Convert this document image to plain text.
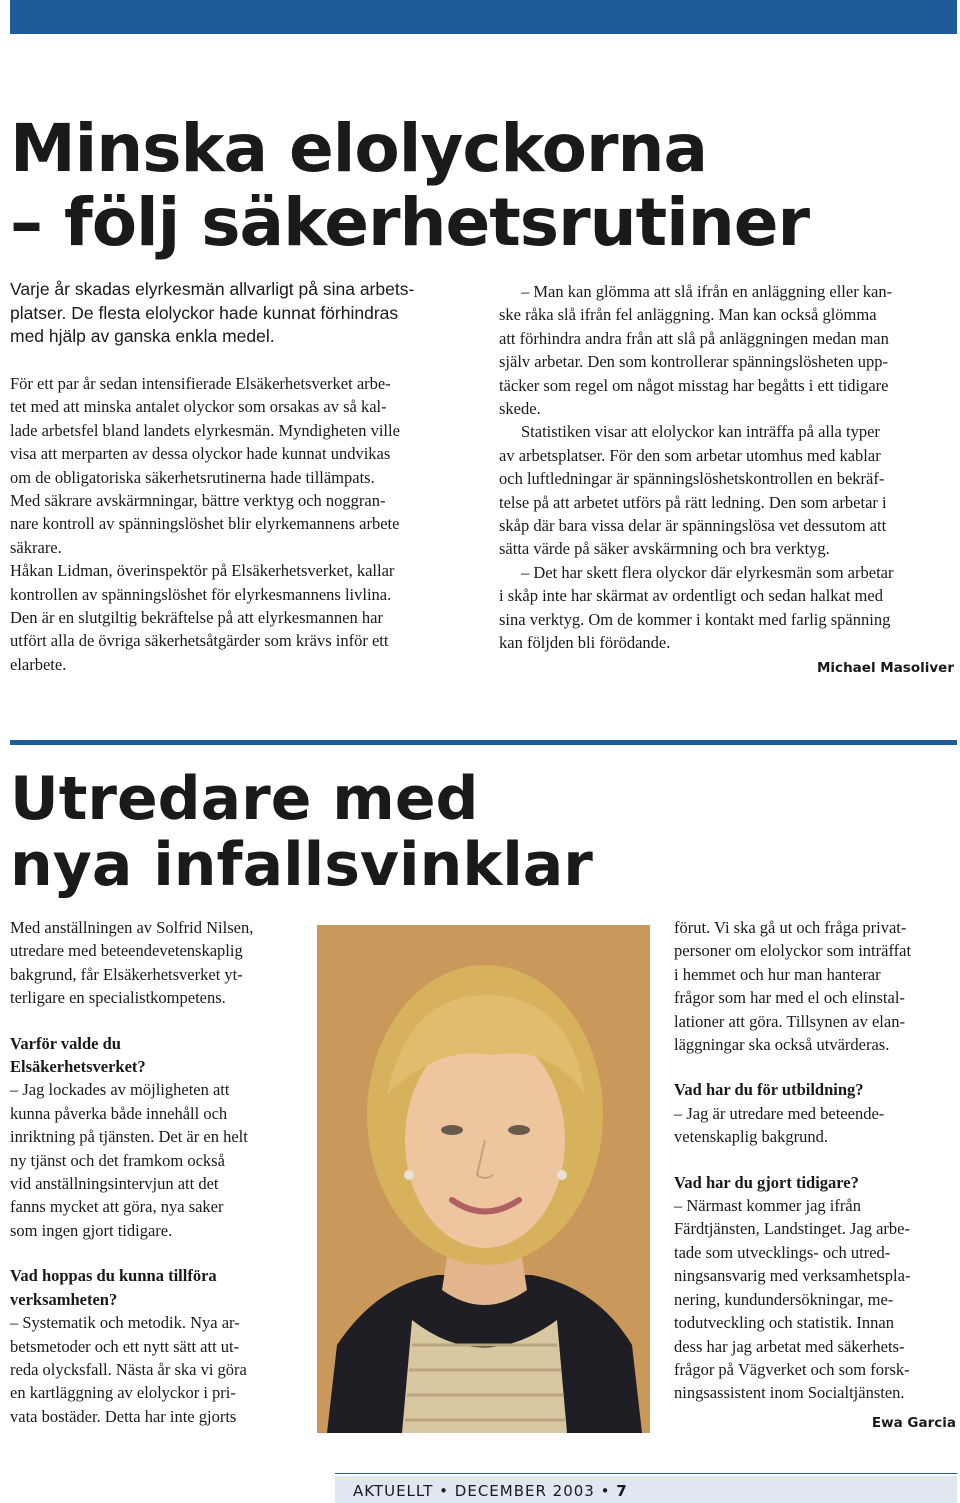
Minska elolyckorna
– följ säkerhetsrutiner
Varje år skadas elyrkesmän allvarligt på sina arbets-
platser. De flesta elolyckor hade kunnat förhindras
med hjälp av ganska enkla medel.
För ett par år sedan intensifierade Elsäkerhetsverket arbe-
tet med att minska antalet olyckor som orsakas av så kal-
lade arbetsfel bland landets elyrkesmän. Myndigheten ville
visa att merparten av dessa olyckor hade kunnat undvikas
om de obligatoriska säkerhetsrutinerna hade tillämpats.
Med säkrare avskärmningar, bättre verktyg och noggran-
nare kontroll av spänningslöshet blir elyrkemannens arbete
säkrare.
Håkan Lidman, överinspektör på Elsäkerhetsverket, kallar
kontrollen av spänningslöshet för elyrkesmannens livlina.
Den är en slutgiltig bekräftelse på att elyrkesmannen har
utfört alla de övriga säkerhetsåtgärder som krävs inför ett
elarbete.
– Man kan glömma att slå ifrån en anläggning eller kan-
ske råka slå ifrån fel anläggning. Man kan också glömma
att förhindra andra från att slå på anläggningen medan man
själv arbetar. Den som kontrollerar spänningslösheten upp-
täcker som regel om något misstag har begåtts i ett tidigare
skede.
Statistiken visar att elolyckor kan inträffa på alla typer
av arbetsplatser. För den som arbetar utomhus med kablar
och luftledningar är spänningslöshetskontrollen en bekräf-
telse på att arbetet utförs på rätt ledning. Den som arbetar i
skåp där bara vissa delar är spänningslösa vet dessutom att
sätta värde på säker avskärmning och bra verktyg.
– Det har skett flera olyckor där elyrkesmän som arbetar
i skåp inte har skärmat av ordentligt och sedan halkat med
sina verktyg. Om de kommer i kontakt med farlig spänning
kan följden bli förödande.
Michael Masoliver
Utredare med
nya infallsvinklar
Med anställningen av Solfrid Nilsen,
utredare med beteendevetenskaplig
bakgrund, får Elsäkerhetsverket yt-
terligare en specialistkompetens.
Varför valde du
Elsäkerhetsverket?
– Jag lockades av möjligheten att
kunna påverka både innehåll och
inriktning på tjänsten. Det är en helt
ny tjänst och det framkom också
vid anställningsintervjun att det
fanns mycket att göra, nya saker
som ingen gjort tidigare.
Vad hoppas du kunna tillföra
verksamheten?
– Systematik och metodik. Nya ar-
betsmetoder och ett nytt sätt att ut-
reda olycksfall. Nästa år ska vi göra
en kartläggning av elolyckor i pri-
vata bostäder. Detta har inte gjorts
förut. Vi ska gå ut och fråga privat-
personer om elolyckor som inträffat
i hemmet och hur man hanterar
frågor som har med el och elinstal-
lationer att göra. Tillsynen av elan-
läggningar ska också utvärderas.
Vad har du för utbildning?
– Jag är utredare med beteende-
vetenskaplig bakgrund.
Vad har du gjort tidigare?
– Närmast kommer jag ifrån
Färdtjänsten, Landstinget. Jag arbe-
tade som utvecklings- och utred-
ningsansvarig med verksamhetspla-
nering, kundundersökningar, me-
todutveckling och statistik. Innan
dess har jag arbetat med säkerhets-
frågor på Vägverket och som forsk-
ningsassistent inom Socialtjänsten.
Ewa Garcia
AKTUELLT • DECEMBER 2003 • 7
